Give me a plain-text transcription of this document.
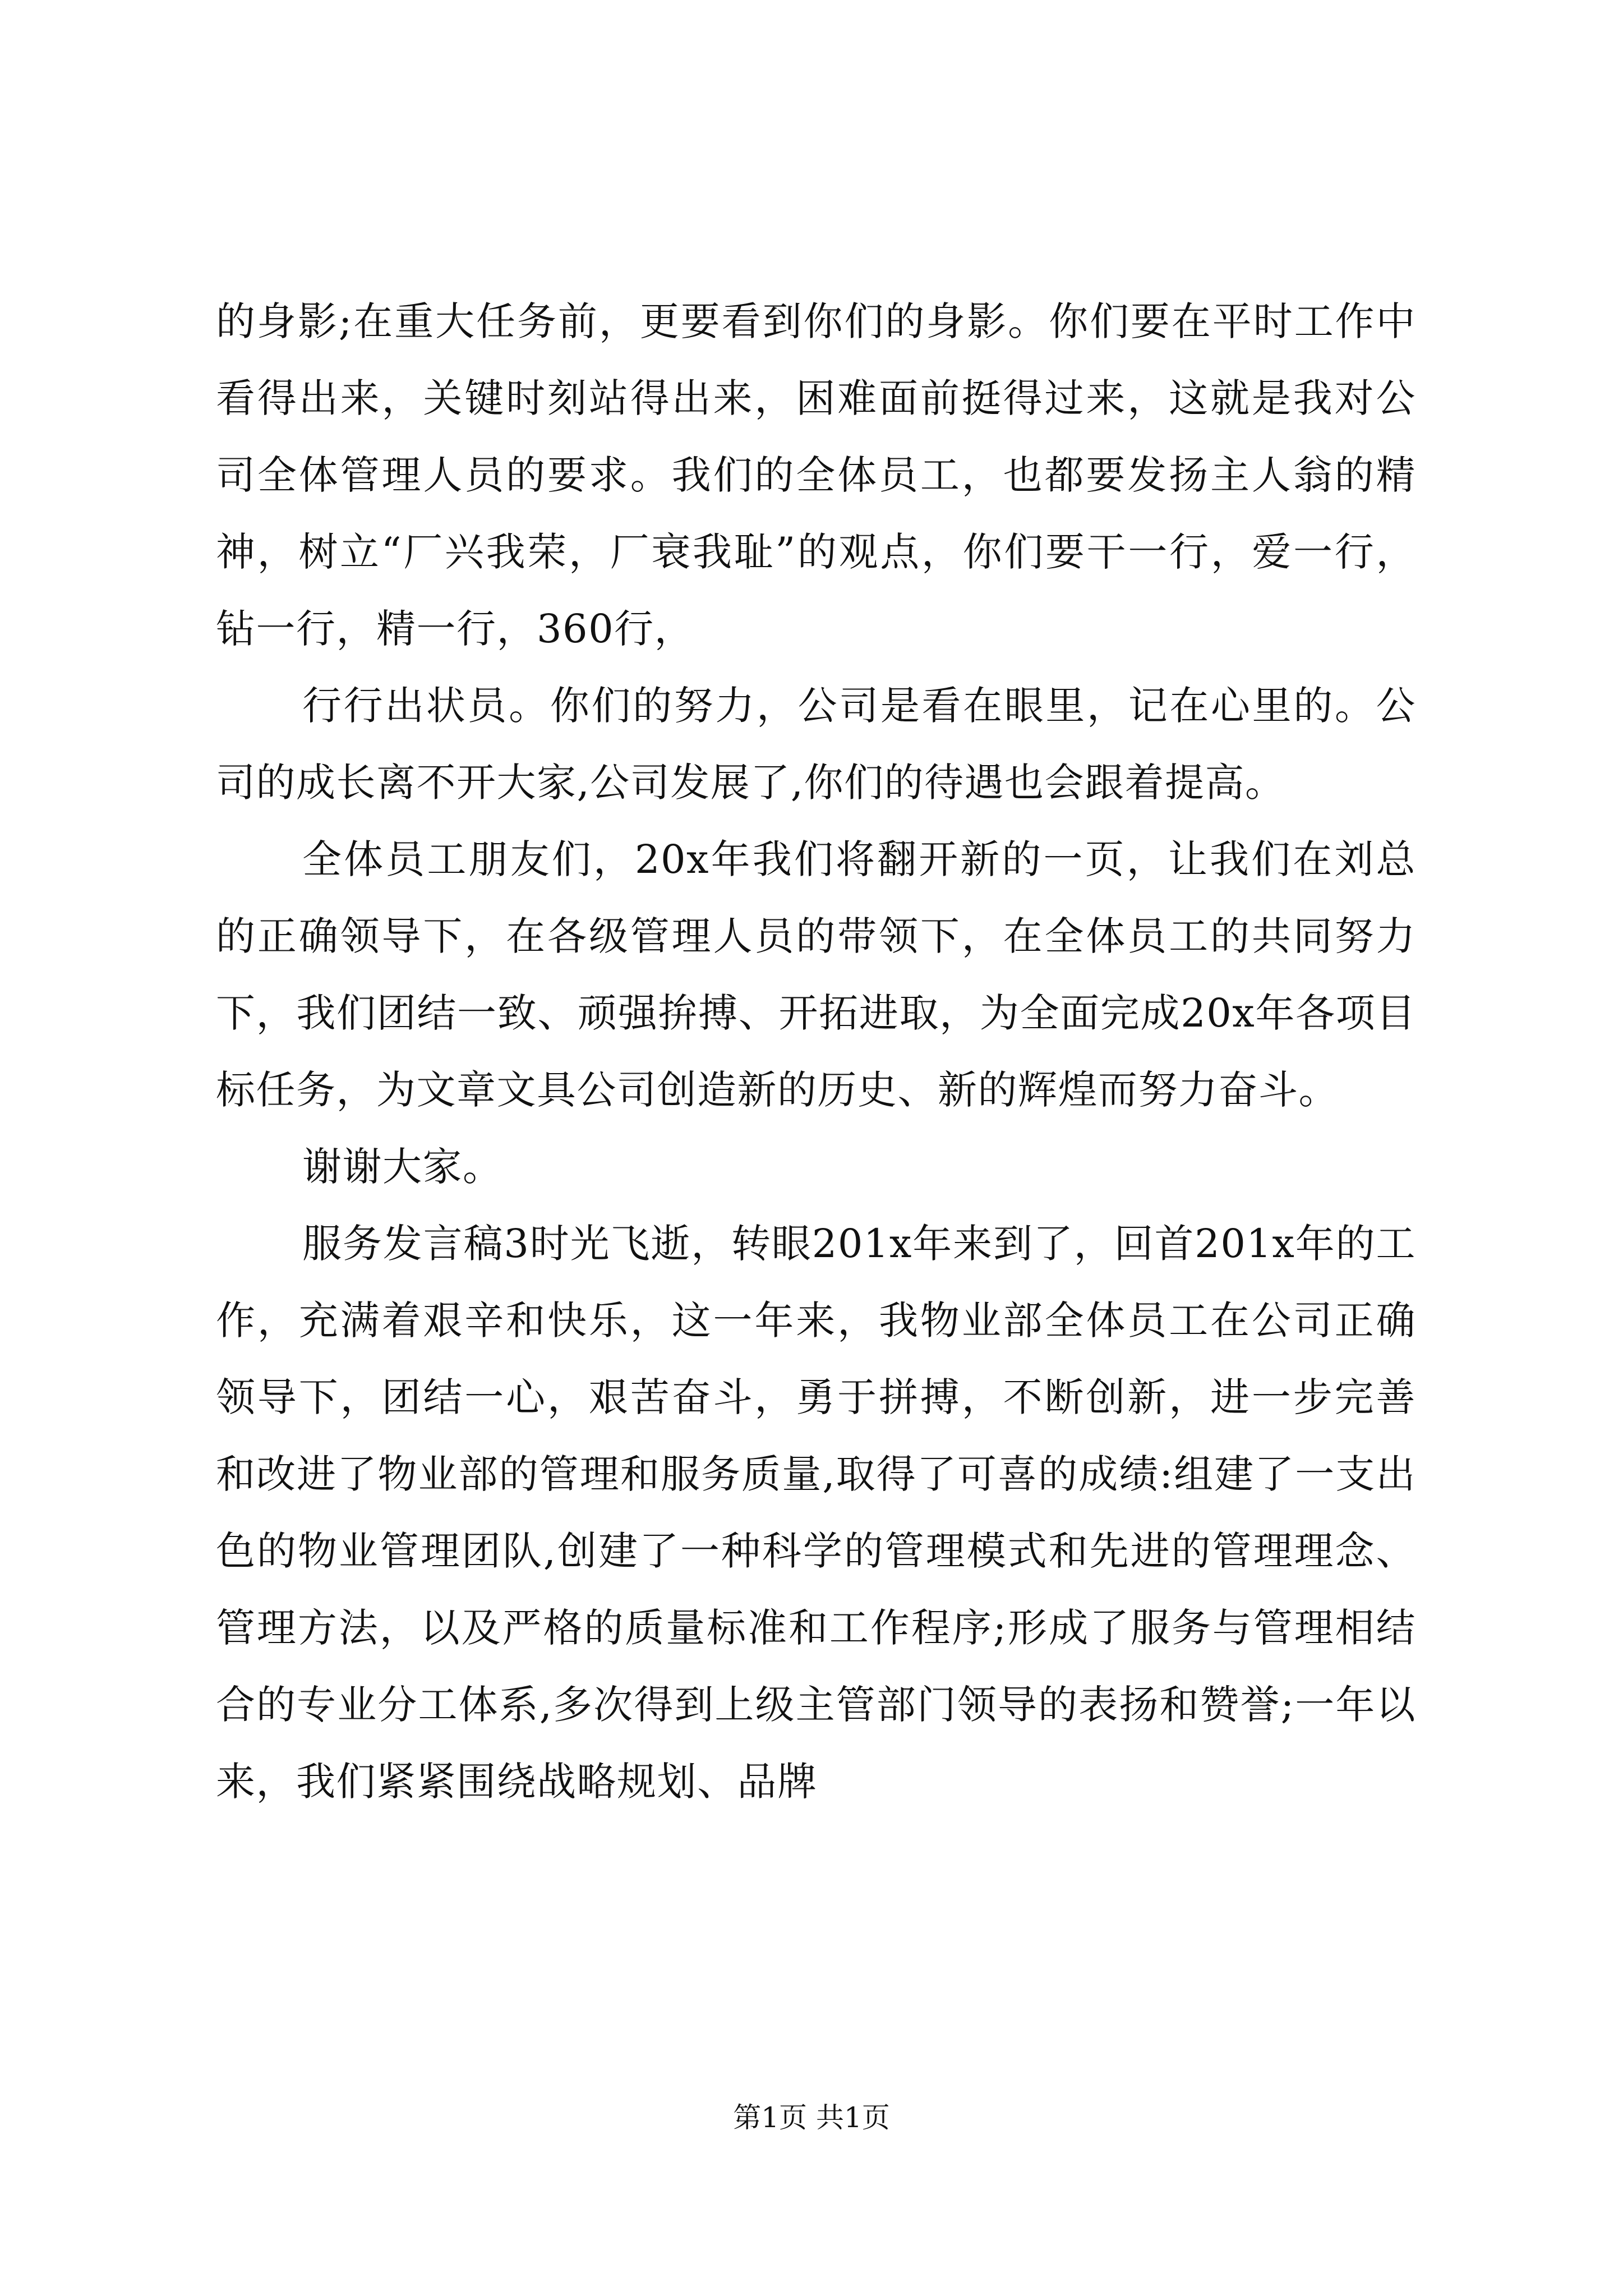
的身影;在重大任务前，更要看到你们的身影。你们要在平时工作中看得出来，关键时刻站得出来，困难面前挺得过来，这就是我对公司全体管理人员的要求。我们的全体员工，也都要发扬主人翁的精神，树立“厂兴我荣，厂衰我耻”的观点，你们要干一行，爱一行，钻一行，精一行，360行，

行行出状员。你们的努力，公司是看在眼里，记在心里的。公司的成长离不开大家,公司发展了,你们的待遇也会跟着提高。

全体员工朋友们，20x年我们将翻开新的一页，让我们在刘总的正确领导下，在各级管理人员的带领下，在全体员工的共同努力下，我们团结一致、顽强拚搏、开拓进取，为全面完成20x年各项目标任务，为文章文具公司创造新的历史、新的辉煌而努力奋斗。

谢谢大家。

服务发言稿3时光飞逝，转眼201x年来到了，回首201x年的工作，充满着艰辛和快乐，这一年来，我物业部全体员工在公司正确领导下，团结一心，艰苦奋斗，勇于拼搏，不断创新，进一步完善和改进了物业部的管理和服务质量,取得了可喜的成绩:组建了一支出色的物业管理团队,创建了一种科学的管理模式和先进的管理理念、管理方法，以及严格的质量标准和工作程序;形成了服务与管理相结合的专业分工体系,多次得到上级主管部门领导的表扬和赞誉;一年以来，我们紧紧围绕战略规划、品牌

第1页 共1页
